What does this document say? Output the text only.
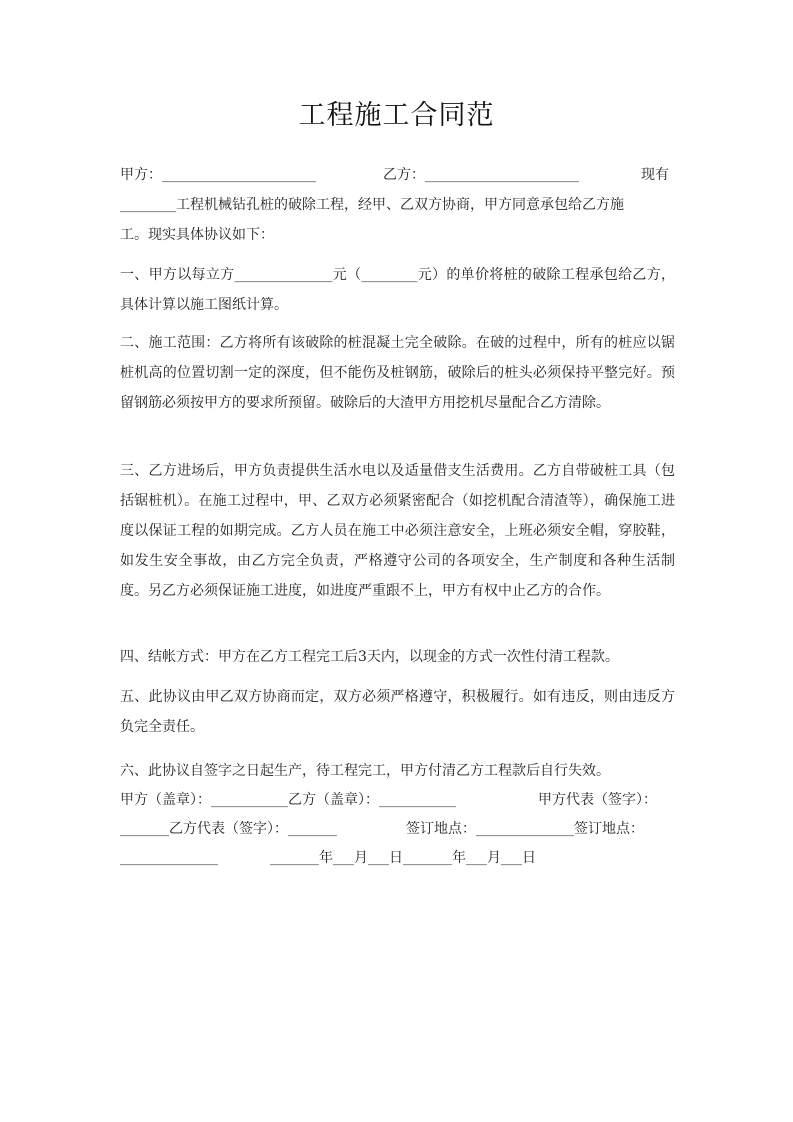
工程施工合同范
甲方：______________________	乙方：______________________	现有
________工程机械钻孔桩的破除工程，经甲、乙双方协商，甲方同意承包给乙方施
工。现实具体协议如下：
一、甲方以每立方______________元（________元）的单价将桩的破除工程承包给乙方，具体计算以施工图纸计算。
二、施工范围：乙方将所有该破除的桩混凝土完全破除。在破的过程中，所有的桩应以锯桩机高的位置切割一定的深度，但不能伤及桩钢筋，破除后的桩头必须保持平整完好。预留钢筋必须按甲方的要求所预留。破除后的大渣甲方用挖机尽量配合乙方清除。
三、乙方进场后，甲方负责提供生活水电以及适量借支生活费用。乙方自带破桩工具（包括锯桩机）。在施工过程中，甲、乙双方必须紧密配合（如挖机配合清渣等），确保施工进度以保证工程的如期完成。乙方人员在施工中必须注意安全，上班必须安全帽，穿胶鞋，如发生安全事故，由乙方完全负责，严格遵守公司的各项安全，生产制度和各种生活制度。另乙方必须保证施工进度，如进度严重跟不上，甲方有权中止乙方的合作。
四、结帐方式：甲方在乙方工程完工后3天内，以现金的方式一次性付清工程款。
五、此协议由甲乙双方协商而定，双方必须严格遵守，积极履行。如有违反，则由违反方负完全责任。
六、此协议自签字之日起生产，待工程完工，甲方付清乙方工程款后自行失效。
甲方（盖章）：___________乙方（盖章）：___________	甲方代表（签字）：
_______乙方代表（签字）：_______	签订地点：______________签订地点：
______________	_______年___月___日_______年___月___日
